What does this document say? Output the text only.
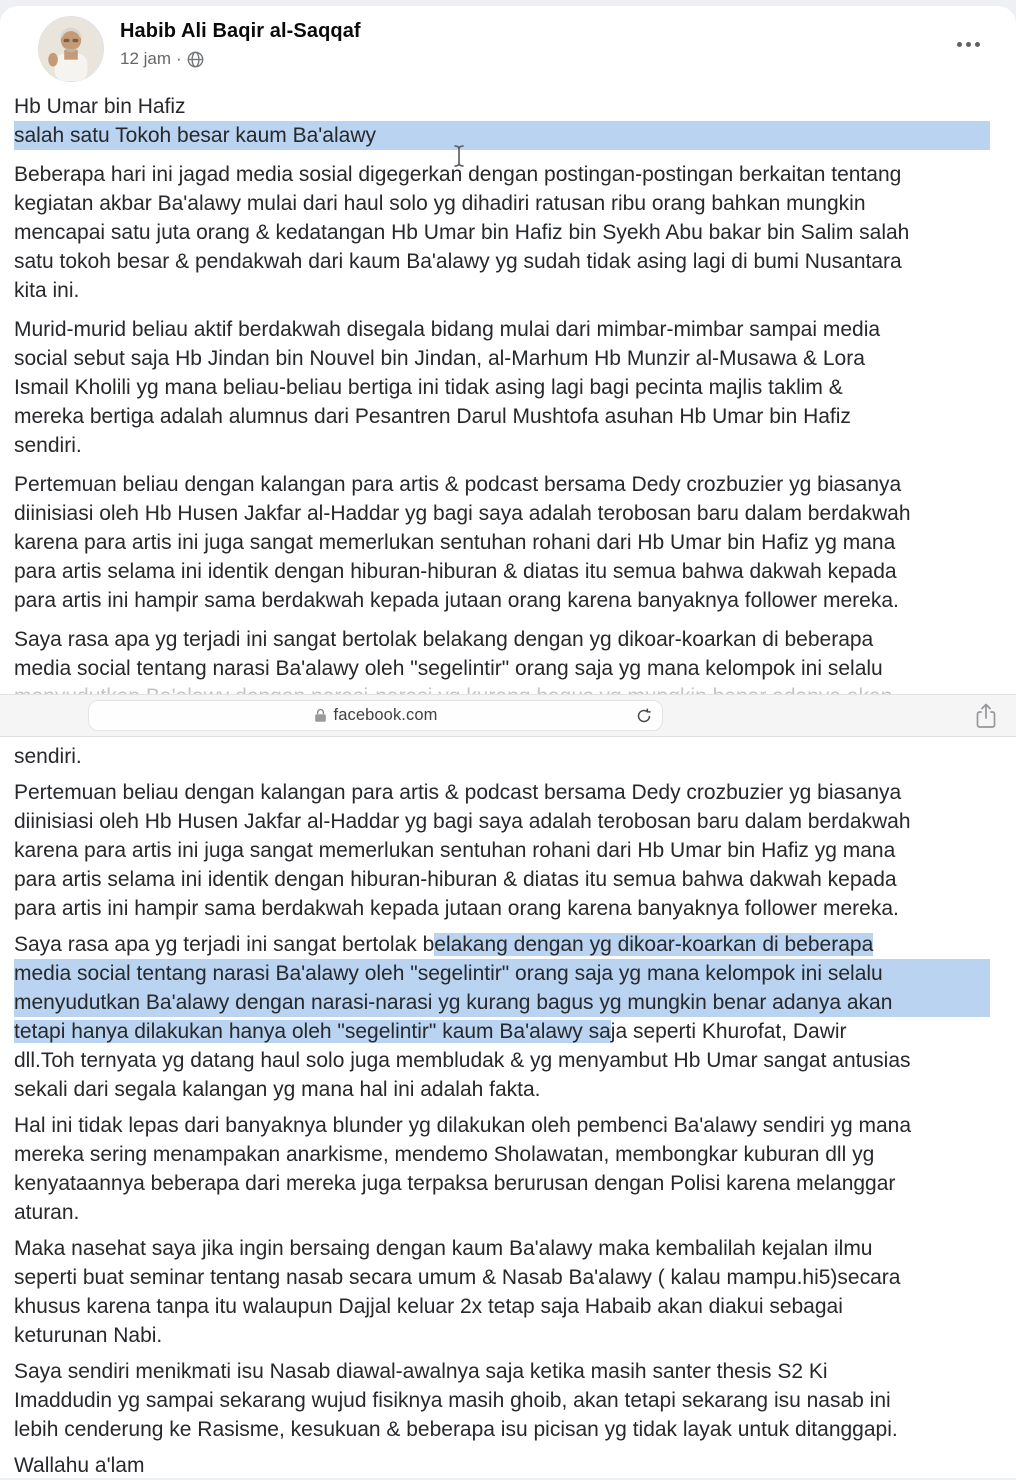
Habib Ali Baqir al-Saqqaf
12 jam ·
Hb Umar bin Hafiz
salah satu Tokoh besar kaum Ba'alawy
Beberapa hari ini jagad media sosial digegerkan dengan postingan-postingan berkaitan tentang
kegiatan akbar Ba'alawy mulai dari haul solo yg dihadiri ratusan ribu orang bahkan mungkin
mencapai satu juta orang & kedatangan Hb Umar bin Hafiz bin Syekh Abu bakar bin Salim salah
satu tokoh besar & pendakwah dari kaum Ba'alawy yg sudah tidak asing lagi di bumi Nusantara
kita ini.
Murid-murid beliau aktif berdakwah disegala bidang mulai dari mimbar-mimbar sampai media
social sebut saja Hb Jindan bin Nouvel bin Jindan, al-Marhum Hb Munzir al-Musawa & Lora
Ismail Kholili yg mana beliau-beliau bertiga ini tidak asing lagi bagi pecinta majlis taklim &
mereka bertiga adalah alumnus dari Pesantren Darul Mushtofa asuhan Hb Umar bin Hafiz
sendiri.
Pertemuan beliau dengan kalangan para artis & podcast bersama Dedy crozbuzier yg biasanya
diinisiasi oleh Hb Husen Jakfar al-Haddar yg bagi saya adalah terobosan baru dalam berdakwah
karena para artis ini juga sangat memerlukan sentuhan rohani dari Hb Umar bin Hafiz yg mana
para artis selama ini identik dengan hiburan-hiburan & diatas itu semua bahwa dakwah kepada
para artis ini hampir sama berdakwah kepada jutaan orang karena banyaknya follower mereka.
Saya rasa apa yg terjadi ini sangat bertolak belakang dengan yg dikoar-koarkan di beberapa
media social tentang narasi Ba'alawy oleh "segelintir" orang saja yg mana kelompok ini selalu
facebook.com
sendiri.
Pertemuan beliau dengan kalangan para artis & podcast bersama Dedy crozbuzier yg biasanya
diinisiasi oleh Hb Husen Jakfar al-Haddar yg bagi saya adalah terobosan baru dalam berdakwah
karena para artis ini juga sangat memerlukan sentuhan rohani dari Hb Umar bin Hafiz yg mana
para artis selama ini identik dengan hiburan-hiburan & diatas itu semua bahwa dakwah kepada
para artis ini hampir sama berdakwah kepada jutaan orang karena banyaknya follower mereka.
Saya rasa apa yg terjadi ini sangat bertolak belakang dengan yg dikoar-koarkan di beberapa
media social tentang narasi Ba'alawy oleh "segelintir" orang saja yg mana kelompok ini selalu
menyudutkan Ba'alawy dengan narasi-narasi yg kurang bagus yg mungkin benar adanya akan
tetapi hanya dilakukan hanya oleh "segelintir" kaum Ba'alawy saja seperti Khurofat, Dawir
dll.Toh ternyata yg datang haul solo juga membludak & yg menyambut Hb Umar sangat antusias
sekali dari segala kalangan yg mana hal ini adalah fakta.
Hal ini tidak lepas dari banyaknya blunder yg dilakukan oleh pembenci Ba'alawy sendiri yg mana
mereka sering menampakan anarkisme, mendemo Sholawatan, membongkar kuburan dll yg
kenyataannya beberapa dari mereka juga terpaksa berurusan dengan Polisi karena melanggar
aturan.
Maka nasehat saya jika ingin bersaing dengan kaum Ba'alawy maka kembalilah kejalan ilmu
seperti buat seminar tentang nasab secara umum & Nasab Ba'alawy ( kalau mampu.hi5)secara
khusus karena tanpa itu walaupun Dajjal keluar 2x tetap saja Habaib akan diakui sebagai
keturunan Nabi.
Saya sendiri menikmati isu Nasab diawal-awalnya saja ketika masih santer thesis S2 Ki
Imaddudin yg sampai sekarang wujud fisiknya masih ghoib, akan tetapi sekarang isu nasab ini
lebih cenderung ke Rasisme, kesukuan & beberapa isu picisan yg tidak layak untuk ditanggapi.
Wallahu a'lam
